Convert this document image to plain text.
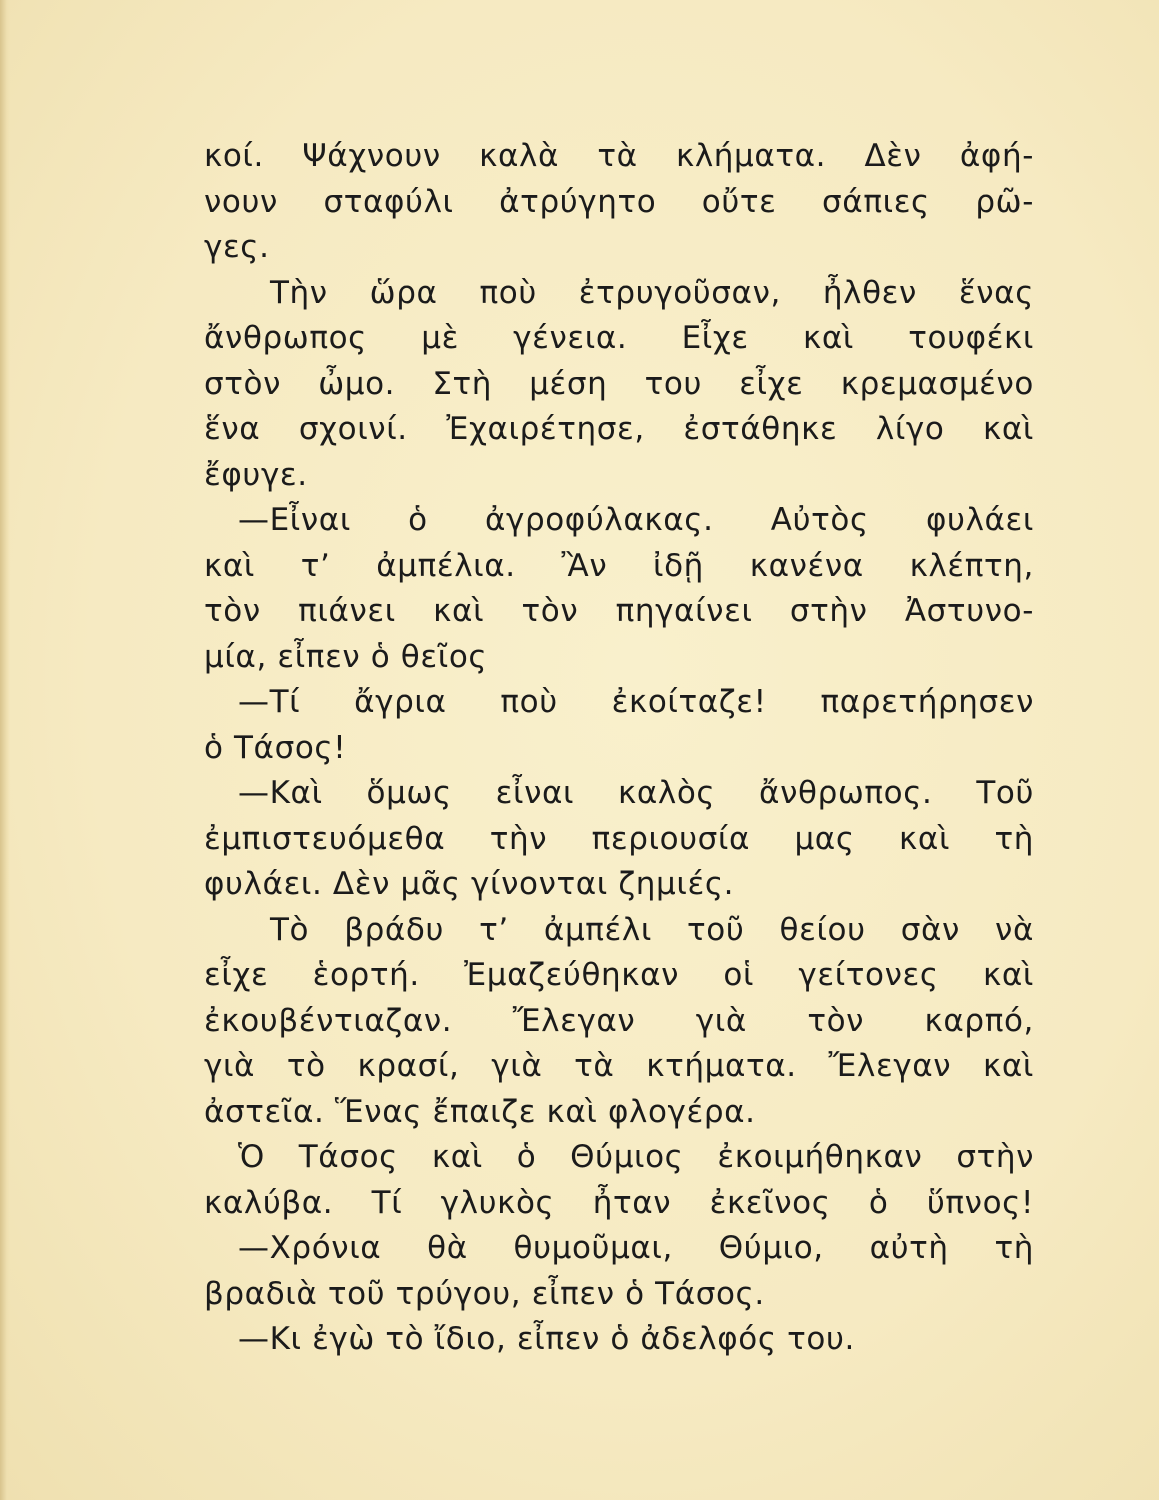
κοί. Ψάχνουν καλὰ τὰ κλήματα. Δὲν ἀφή-
νουν σταφύλι ἀτρύγητο οὔτε σάπιες ρῶ-
γες.
Τὴν ὥρα ποὺ ἐτρυγοῦσαν, ἦλθεν ἕνας
ἄνθρωπος μὲ γένεια. Εἶχε καὶ τουφέκι
στὸν ὦμο. Στὴ μέση του εἶχε κρεμασμένο
ἕνα σχοινί. Ἐχαιρέτησε, ἐστάθηκε λίγο καὶ
ἔφυγε.
—Εἶναι ὁ ἀγροφύλακας. Αὐτὸς φυλάει
καὶ τ’ ἀμπέλια. Ἂν ἰδῇ κανένα κλέπτη,
τὸν πιάνει καὶ τὸν πηγαίνει στὴν Ἀστυνο-
μία, εἶπεν ὁ θεῖος
—Τί ἄγρια ποὺ ἐκοίταζε! παρετήρησεν
ὁ Τάσος!
—Καὶ ὅμως εἶναι καλὸς ἄνθρωπος. Τοῦ
ἐμπιστευόμεθα τὴν περιουσία μας καὶ τὴ
φυλάει. Δὲν μᾶς γίνονται ζημιές.
Τὸ βράδυ τ’ ἀμπέλι τοῦ θείου σὰν νὰ
εἶχε ἑορτή. Ἐμαζεύθηκαν οἱ γείτονες καὶ
ἐκουβέντιαζαν. Ἔλεγαν γιὰ τὸν καρπό,
γιὰ τὸ κρασί, γιὰ τὰ κτήματα. Ἔλεγαν καὶ
ἀστεῖα. Ἕνας ἔπαιζε καὶ φλογέρα.
Ὁ Τάσος καὶ ὁ Θύμιος ἐκοιμήθηκαν στὴν
καλύβα. Τί γλυκὸς ἦταν ἐκεῖνος ὁ ὕπνος!
—Χρόνια θὰ θυμοῦμαι, Θύμιο, αὐτὴ τὴ
βραδιὰ τοῦ τρύγου, εἶπεν ὁ Τάσος.
—Κι ἐγὼ τὸ ἴδιο, εἶπεν ὁ ἀδελφός του.
